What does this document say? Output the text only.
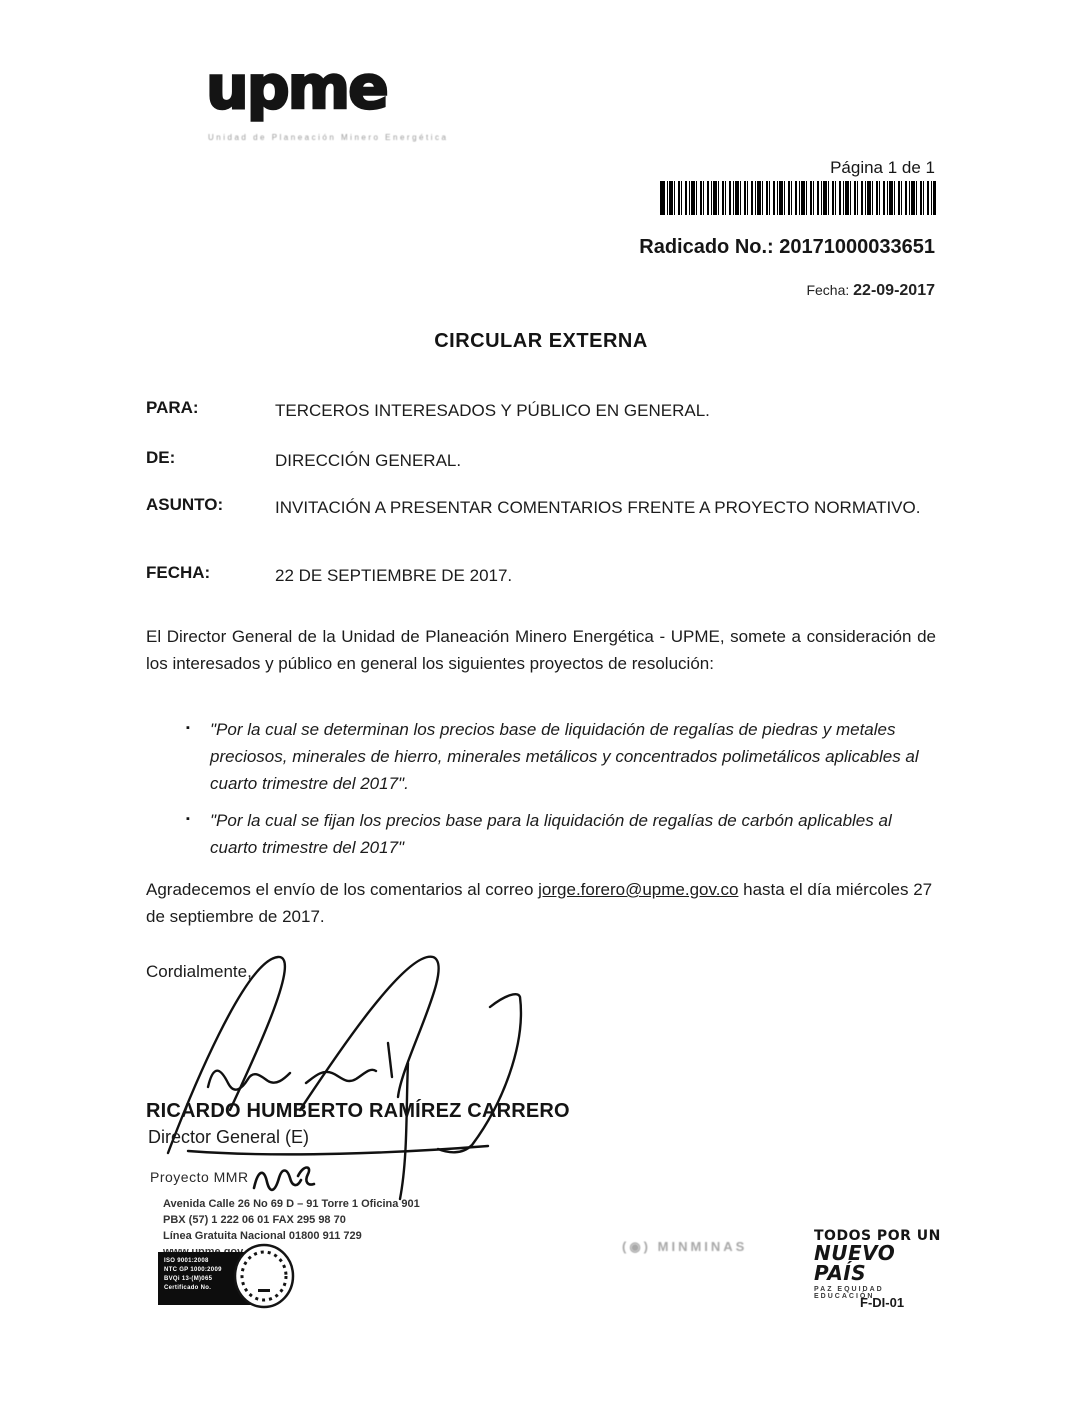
upme
Unidad de Planeación Minero Energética
Página 1 de 1
Radicado No.: 20171000033651
Fecha: 22-09-2017
CIRCULAR EXTERNA
PARA:	TERCEROS INTERESADOS Y PÚBLICO EN GENERAL.
DE:	DIRECCIÓN GENERAL.
ASUNTO:	INVITACIÓN A PRESENTAR COMENTARIOS FRENTE A PROYECTO NORMATIVO.
FECHA:	22 DE SEPTIEMBRE DE 2017.
El Director General de la Unidad de Planeación Minero Energética - UPME, somete a consideración de los interesados y público en general los siguientes proyectos de resolución:
▪ "Por la cual se determinan los precios base de liquidación de regalías de piedras y metales preciosos, minerales de hierro, minerales metálicos y concentrados polimetálicos aplicables al cuarto trimestre del 2017".
▪ "Por la cual se fijan los precios base para la liquidación de regalías de carbón aplicables al cuarto trimestre del 2017"
Agradecemos el envío de los comentarios al correo jorge.forero@upme.gov.co hasta el día miércoles 27 de septiembre de 2017.
Cordialmente,
RICARDO HUMBERTO RAMÍREZ CARRERO
Director General (E)
Proyecto MMR
Avenida Calle 26 No 69 D – 91 Torre 1 Oficina 901
PBX (57) 1 222 06 01 FAX 295 98 70
Línea Gratuita Nacional 01800 911 729
ISO 9001:2008
NTC GP 1000:2009
BVQi 13-(M)065
Certificado No.
(◉) MINMINAS
TODOS POR UN
NUEVO PAÍS
PAZ EQUIDAD EDUCACIÓN
F-DI-01
